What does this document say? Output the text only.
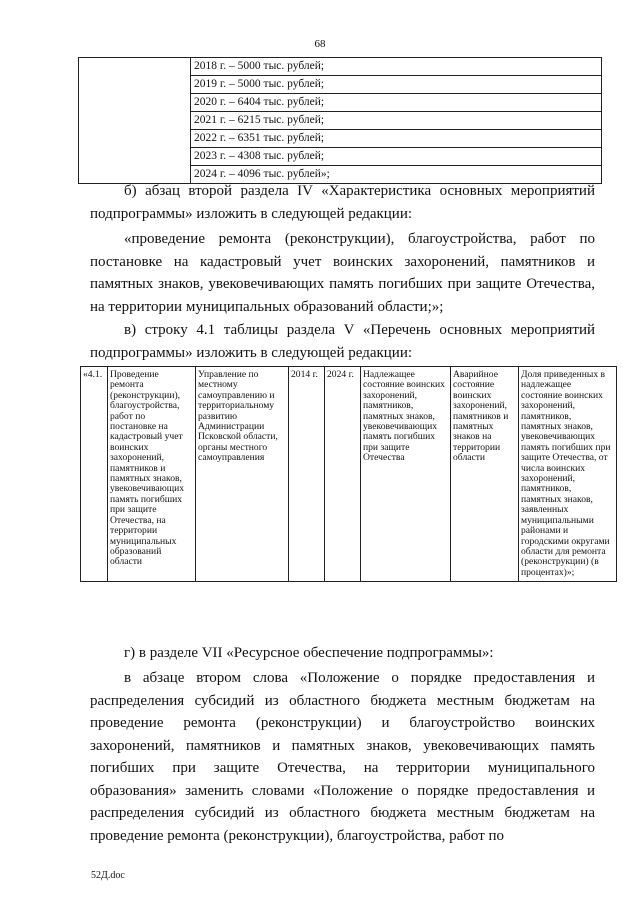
68

2018 г. – 5000 тыс. рублей;
2019 г. – 5000 тыс. рублей;
2020 г. – 6404 тыс. рублей;
2021 г. – 6215 тыс. рублей;
2022 г. – 6351 тыс. рублей;
2023 г. – 4308 тыс. рублей;
2024 г. – 4096 тыс. рублей»;

б) абзац второй раздела IV «Характеристика основных мероприятий подпрограммы» изложить в следующей редакции:

«проведение ремонта (реконструкции), благоустройства, работ по постановке на кадастровый учет воинских захоронений, памятников и памятных знаков, увековечивающих память погибших при защите Отечества, на территории муниципальных образований области;»;

в) строку 4.1 таблицы раздела V «Перечень основных мероприятий подпрограммы» изложить в следующей редакции:

«4.1.	Проведение ремонта (реконструкции), благоустройства, работ по постановке на кадастровый учет воинских захоронений, памятников и памятных знаков, увековечивающих память погибших при защите Отечества, на территории муниципальных образований области	Управление по местному самоуправлению и территориальному развитию Администрации Псковской области, органы местного самоуправления	2014 г.	2024 г.	Надлежащее состояние воинских захоронений, памятников, памятных знаков, увековечивающих память погибших при защите Отечества	Аварийное состояние воинских захоронений, памятников и памятных знаков на территории области	Доля приведенных в надлежащее состояние воинских захоронений, памятников, памятных знаков, увековечивающих память погибших при защите Отечества, от числа воинских захоронений, памятников, памятных знаков, заявленных муниципальными районами и городскими округами области для ремонта (реконструкции) (в процентах)»;

г) в разделе VII «Ресурсное обеспечение подпрограммы»:

в абзаце втором слова «Положение о порядке предоставления и распределения субсидий из областного бюджета местным бюджетам на проведение ремонта (реконструкции) и благоустройство воинских захоронений, памятников и памятных знаков, увековечивающих память погибших при защите Отечества, на территории муниципального образования» заменить словами «Положение о порядке предоставления и распределения субсидий из областного бюджета местным бюджетам на проведение ремонта (реконструкции), благоустройства, работ по

52Д.doc
